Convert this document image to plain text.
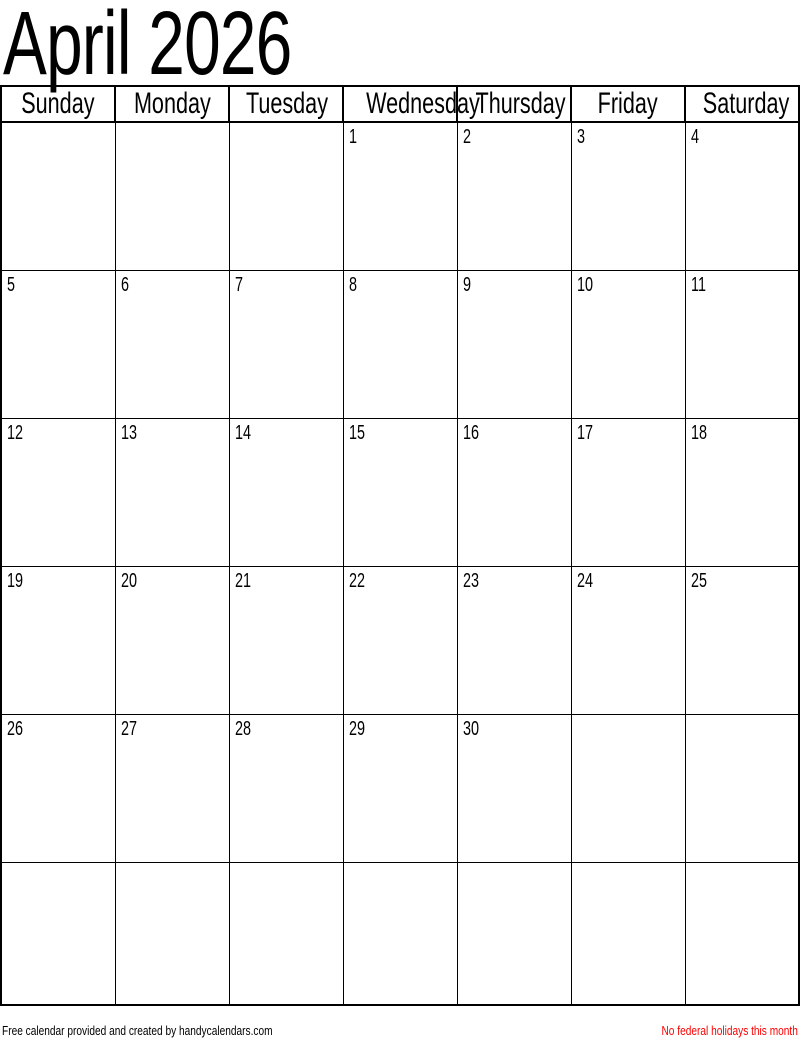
April 2026
Sunday	Monday	Tuesday	Wednesday	Thursday	Friday	Saturday
			1	2	3	4
5	6	7	8	9	10	11
12	13	14	15	16	17	18
19	20	21	22	23	24	25
26	27	28	29	30		

Free calendar provided and created by handycalendars.com	No federal holidays this month
